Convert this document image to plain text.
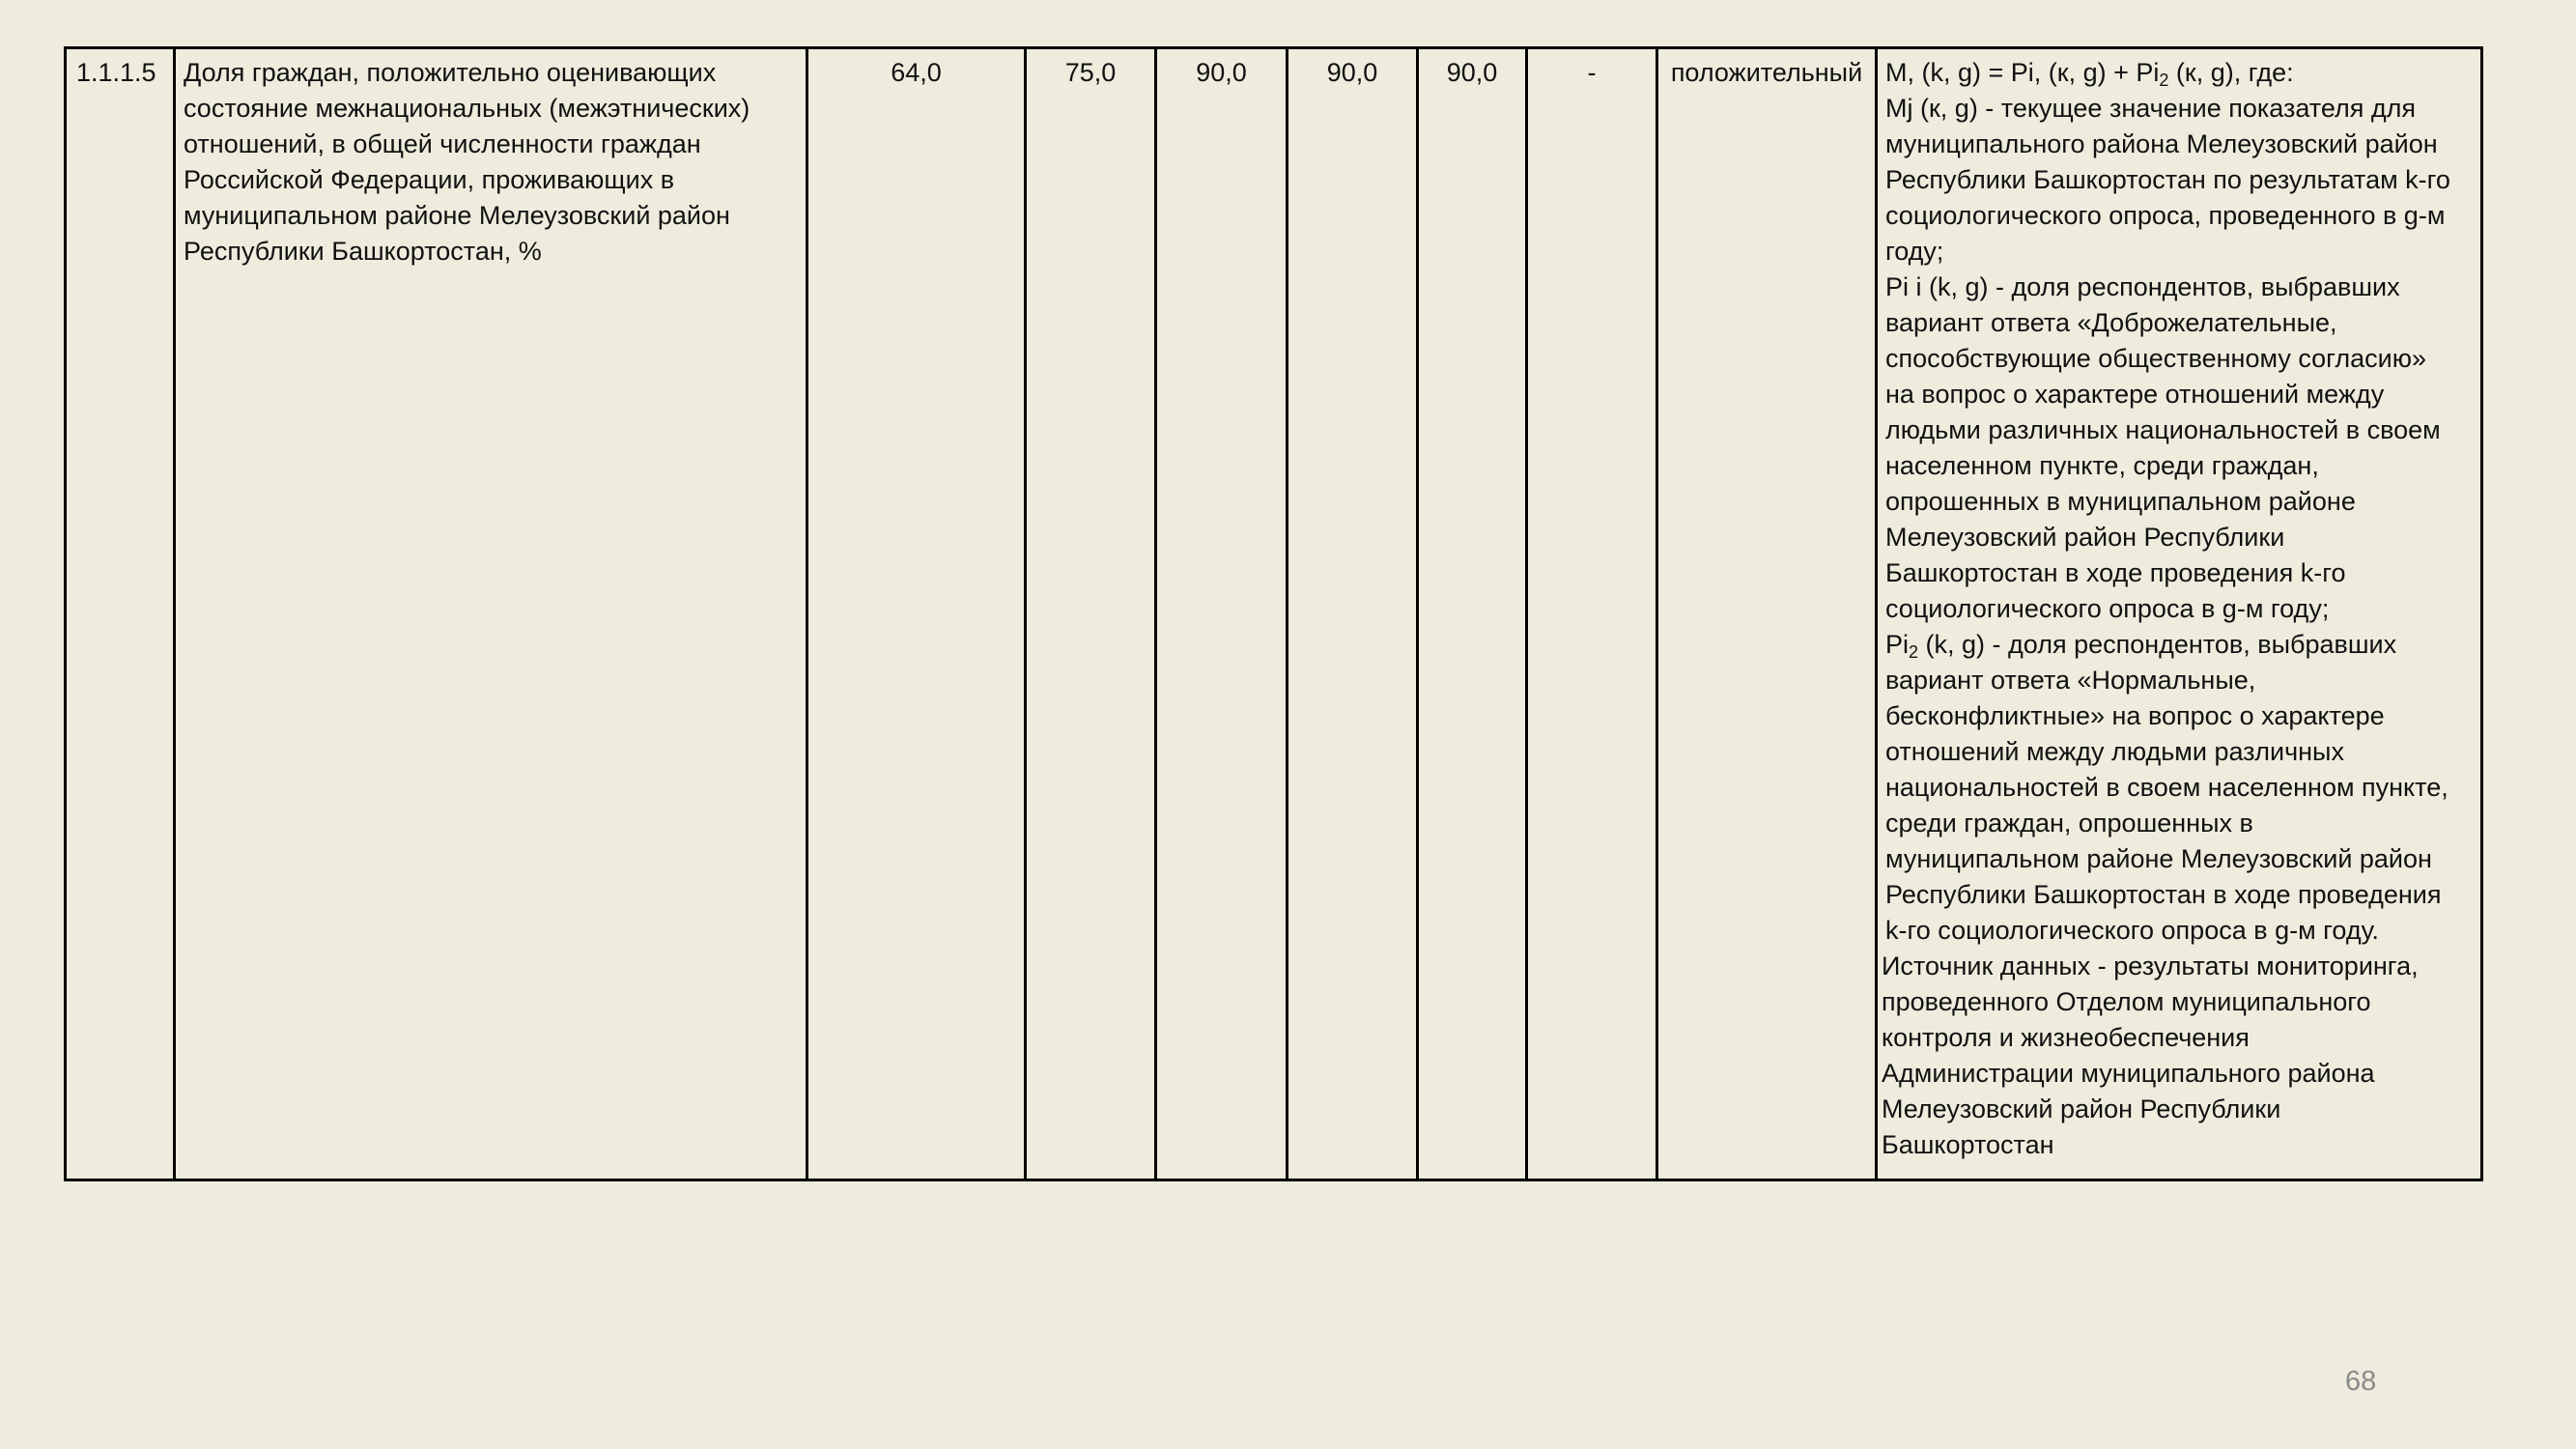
1.1.1.5	Доля граждан, положительно оценивающих
состояние межнациональных (межэтнических)
отношений, в общей численности граждан
Российской Федерации, проживающих в
муниципальном районе Мелеузовский район
Республики Башкортостан, %
	64,0	75,0	90,0	90,0	90,0	-	положительный	M, (k, g) = Pi, (к, $g) + Pi_2$ (к, g), где:
Mj (к, g) - текущее значение показателя для
муниципального района Мелеузовский район
Республики Башкортостан по результатам k-го
социологического опроса, проведенного в g-м
году;
Pi i (k, g) - доля респондентов, выбравших
вариант ответа «Доброжелательные,
способствующие общественному согласию»
на вопрос о характере отношений между
людьми различных национальностей в своем
населенном пункте, среди граждан,
опрошенных в муниципальном районе
Мелеузовский район Республики
Башкортостан в ходе проведения k-го
социологического опроса в g-м году;
$Pi_2$ (k, g) - доля респондентов, выбравших
вариант ответа «Нормальные,
бесконфликтные» на вопрос о характере
отношений между людьми различных
национальностей в своем населенном пункте,
среди граждан, опрошенных в
муниципальном районе Мелеузовский район
Республики Башкортостан в ходе проведения
k-го социологического опроса в g-м году.
Источник данных - результаты мониторинга,
проведенного Отделом муниципального
контроля и жизнеобеспечения
Администрации муниципального района
Мелеузовский район Республики
Башкортостан
68
